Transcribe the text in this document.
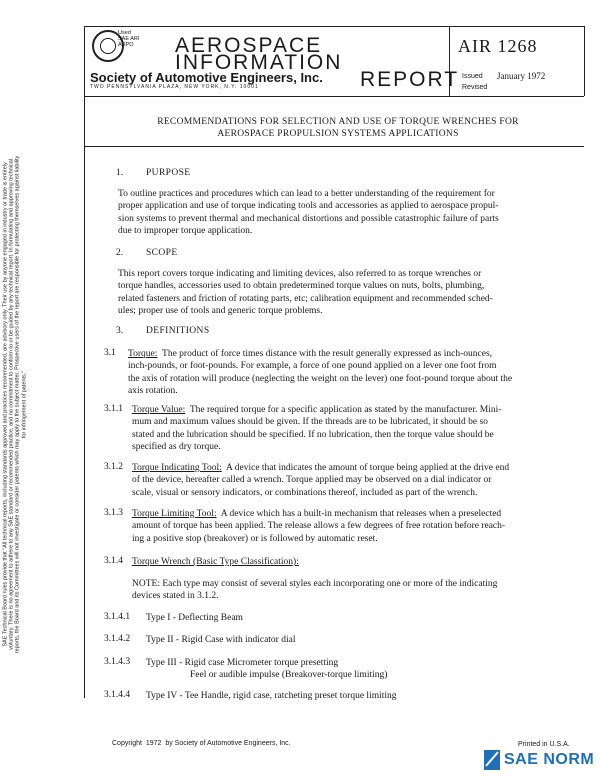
SAE Technical Board rules provide that "All technical reports, including standards approved and practices recommended, are advisory only. Their use by anyone engaged in industry or trade is entirely voluntary. There is no agreement to adhere to any SAE standard or recommended practice, and no commitment to conform to or be guided by any technical report. In formulating and approving technical reports, the Board and its Committees will not investigate or consider patents which may apply to the subject matter. Prospective users of the report are responsible for protecting themselves against liability for infringement of patents."
Used SAE ARI ARPO	AEROSPACE
INFORMATION
REPORT
Society of Automotive Engineers, Inc.
TWO PENNSYLVANIA PLAZA, NEW YORK, N.Y. 10001
AIR 1268
Issued January 1972
Revised
RECOMMENDATIONS FOR SELECTION AND USE OF TORQUE WRENCHES FOR
AEROSPACE PROPULSION SYSTEMS APPLICATIONS
1. PURPOSE
To outline practices and procedures which can lead to a better understanding of the requirement for
proper application and use of torque indicating tools and accessories as applied to aerospace propul-
sion systems to prevent thermal and mechanical distortions and possible catastrophic failure of parts
due to improper torque application.
2. SCOPE
This report covers torque indicating and limiting devices, also referred to as torque wrenches or
torque handles, accessories used to obtain predetermined torque values on nuts, bolts, plumbing,
related fasteners and friction of rotating parts, etc; calibration equipment and recommended sched-
ules; proper use of tools and generic torque problems.
3. DEFINITIONS
3.1 Torque: The product of force times distance with the result generally expressed as inch-ounces,
inch-pounds, or foot-pounds. For example, a force of one pound applied on a lever one foot from
the axis of rotation will produce (neglecting the weight on the lever) one foot-pound torque about the
axis rotation.
3.1.1 Torque Value: The required torque for a specific application as stated by the manufacturer. Mini-
mum and maximum values should be given. If the threads are to be lubricated, it should be so
stated and the lubrication should be specified. If no lubrication, then the torque value should be
specified as dry torque.
3.1.2 Torque Indicating Tool: A device that indicates the amount of torque being applied at the drive end
of the device, hereafter called a wrench. Torque applied may be observed on a dial indicator or
scale, visual or sensory indicators, or combinations thereof, included as part of the wrench.
3.1.3 Torque Limiting Tool: A device which has a built-in mechanism that releases when a preselected
amount of torque has been applied. The release allows a few degrees of free rotation before reach-
ing a positive stop (breakover) or is followed by automatic reset.
3.1.4 Torque Wrench (Basic Type Classification):
NOTE: Each type may consist of several styles each incorporating one or more of the indicating
devices stated in 3.1.2.
3.1.4.1 Type I - Deflecting Beam
3.1.4.2 Type II - Rigid Case with indicator dial
3.1.4.3 Type III - Rigid case Micrometer torque presetting
Feel or audible impulse (Breakover-torque limiting)
3.1.4.4 Type IV - Tee Handle, rigid case, ratcheting preset torque limiting
Copyright 1972 by Society of Automotive Engineers, Inc.	Printed in U.S.A.
SAE NORM
